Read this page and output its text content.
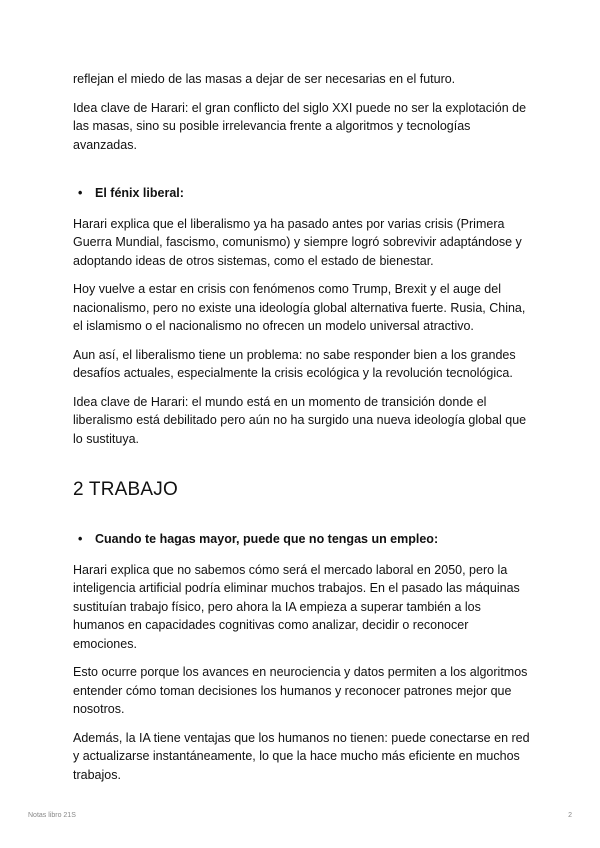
reflejan el miedo de las masas a dejar de ser necesarias en el futuro.

Idea clave de Harari: el gran conflicto del siglo XXI puede no ser la explotación de las masas, sino su posible irrelevancia frente a algoritmos y tecnologías avanzadas.

•	El fénix liberal:

Harari explica que el liberalismo ya ha pasado antes por varias crisis (Primera Guerra Mundial, fascismo, comunismo) y siempre logró sobrevivir adaptándose y adoptando ideas de otros sistemas, como el estado de bienestar.

Hoy vuelve a estar en crisis con fenómenos como Trump, Brexit y el auge del nacionalismo, pero no existe una ideología global alternativa fuerte. Rusia, China, el islamismo o el nacionalismo no ofrecen un modelo universal atractivo.

Aun así, el liberalismo tiene un problema: no sabe responder bien a los grandes desafíos actuales, especialmente la crisis ecológica y la revolución tecnológica.

Idea clave de Harari: el mundo está en un momento de transición donde el liberalismo está debilitado pero aún no ha surgido una nueva ideología global que lo sustituya.

2 TRABAJO
•	Cuando te hagas mayor, puede que no tengas un empleo:

Harari explica que no sabemos cómo será el mercado laboral en 2050, pero la inteligencia artificial podría eliminar muchos trabajos. En el pasado las máquinas sustituían trabajo físico, pero ahora la IA empieza a superar también a los humanos en capacidades cognitivas como analizar, decidir o reconocer emociones.

Esto ocurre porque los avances en neurociencia y datos permiten a los algoritmos entender cómo toman decisiones los humanos y reconocer patrones mejor que nosotros.

Además, la IA tiene ventajas que los humanos no tienen: puede conectarse en red y actualizarse instantáneamente, lo que la hace mucho más eficiente en muchos trabajos.

Notas libro 21S	2
